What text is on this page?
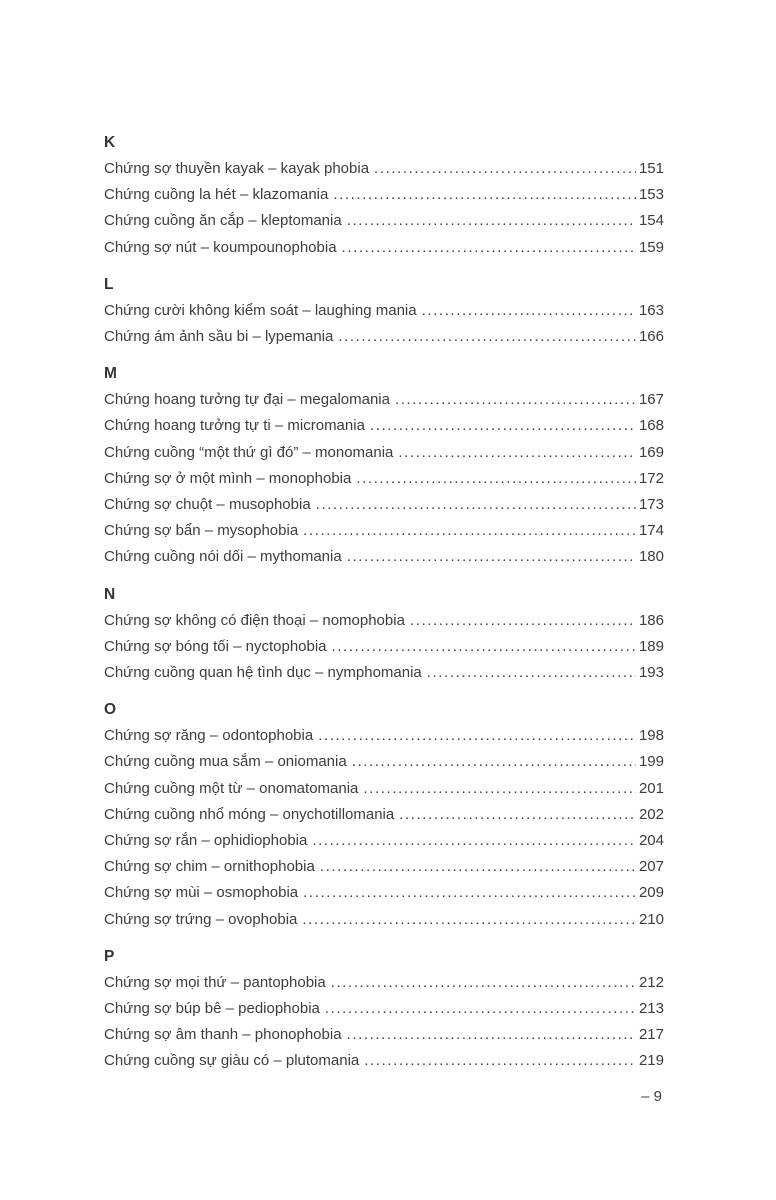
K
Chứng sợ thuyền kayak – kayak phobia .....	151
Chứng cuồng la hét – klazomania .....	153
Chứng cuồng ăn cắp – kleptomania .....	154
Chứng sợ nút – koumpounophobia .....	159
L
Chứng cười không kiểm soát – laughing mania .....	163
Chứng ám ảnh sầu bi – lypemania .....	166
M
Chứng hoang tưởng tự đại – megalomania .....	167
Chứng hoang tưởng tự ti – micromania .....	168
Chứng cuồng “một thứ gì đó” – monomania .....	169
Chứng sợ ở một mình – monophobia .....	172
Chứng sợ chuột – musophobia .....	173
Chứng sợ bẩn – mysophobia .....	174
Chứng cuồng nói dối – mythomania .....	180
N
Chứng sợ không có điện thoại – nomophobia .....	186
Chứng sợ bóng tối – nyctophobia .....	189
Chứng cuồng quan hệ tình dục – nymphomania .....	193
O
Chứng sợ răng – odontophobia .....	198
Chứng cuồng mua sắm – oniomania .....	199
Chứng cuồng một từ – onomatomania .....	201
Chứng cuồng nhổ móng – onychotillomania .....	202
Chứng sợ rắn – ophidiophobia .....	204
Chứng sợ chim – ornithophobia .....	207
Chứng sợ mùi – osmophobia .....	209
Chứng sợ trứng – ovophobia .....	210
P
Chứng sợ mọi thứ – pantophobia .....	212
Chứng sợ búp bê – pediophobia .....	213
Chứng sợ âm thanh – phonophobia .....	217
Chứng cuồng sự giàu có – plutomania .....	219
– 9
